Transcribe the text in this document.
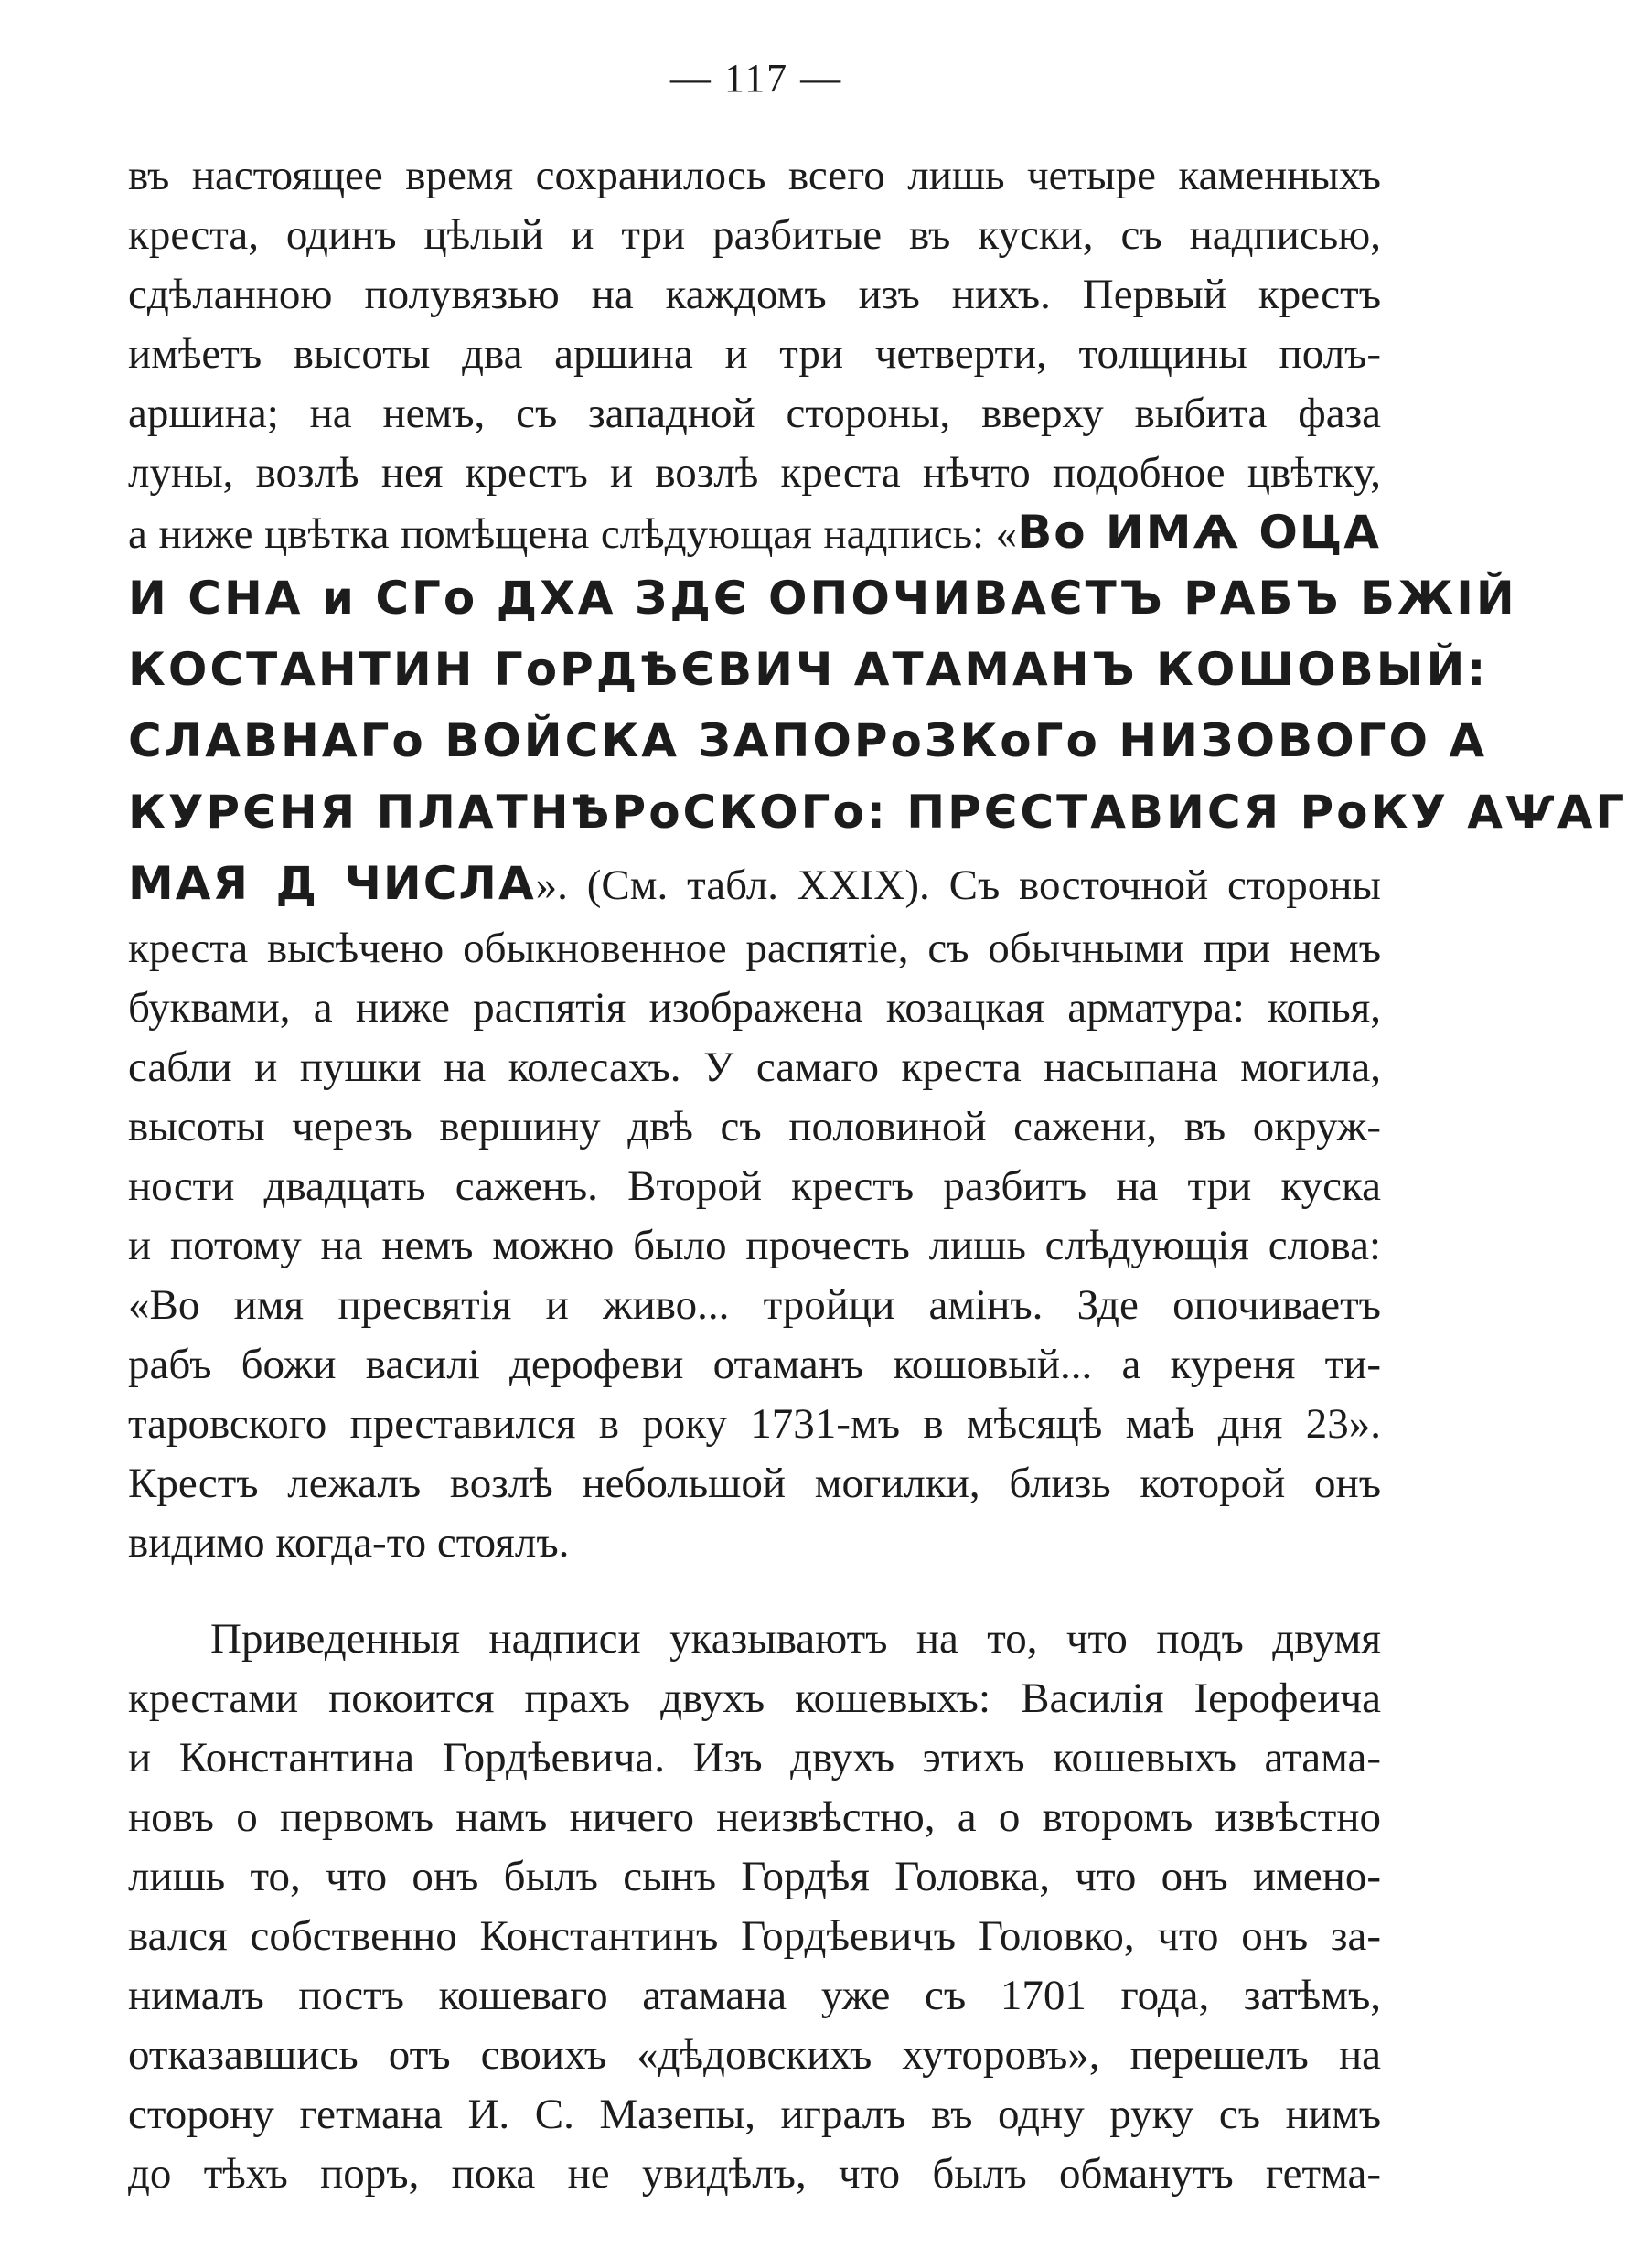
— 117 —
въ настоящее время сохранилось всего лишь четыре каменныхъ
креста, одинъ цѣлый и три разбитые въ куски, съ надписью,
сдѣланною полувязью на каждомъ изъ нихъ. Первый крестъ
имѣетъ высоты два аршина и три четверти, толщины полъ-
аршина; на немъ, съ западной стороны, вверху выбита фаза
луны, возлѣ нея крестъ и возлѣ креста нѣчто подобное цвѣтку,
а ниже цвѣтка помѣщена слѣдующая надпись: «Во ИМѦ ОЦА
И СНА и СГо ДХА ЗДЄ ОПОЧИВАЄТЪ РАБЪ БЖІЙ
КОСТАНТИН ГоРДѢЄВИЧ АТАМАНЪ КОШОВЫЙ:
СЛАВНАГо ВОЙСКА ЗАПОРоЗКоГо НИЗОВОГО А
КУРЄНЯ ПЛАТНѢРоСКОГо: ПРЄСТАВИСЯ РоКУ АѰАГ
МАЯ Д ЧИСЛА». (См. табл. XXIX). Съ восточной стороны
креста высѣчено обыкновенное распятіе, съ обычными при немъ
буквами, а ниже распятія изображена козацкая арматура: копья,
сабли и пушки на колесахъ. У самаго креста насыпана могила,
высоты черезъ вершину двѣ съ половиной сажени, въ окруж-
ности двадцать саженъ. Второй крестъ разбитъ на три куска
и потому на немъ можно было прочесть лишь слѣдующія слова:
«Во имя пресвятія и живо... тройци амінъ. Зде опочиваетъ
рабъ божи василі дерофеви отаманъ кошовый... а куреня ти-
таровского преставился в року 1731-мъ в мѣсяцѣ маѣ дня 23».
Крестъ лежалъ возлѣ небольшой могилки, близь которой онъ
видимо когда-то стоялъ.
Приведенныя надписи указываютъ на то, что подъ двумя
крестами покоится прахъ двухъ кошевыхъ: Василія Іерофеича
и Константина Гордѣевича. Изъ двухъ этихъ кошевыхъ атама-
новъ о первомъ намъ ничего неизвѣстно, а о второмъ извѣстно
лишь то, что онъ былъ сынъ Гордѣя Головка, что онъ имено-
вался собственно Константинъ Гордѣевичъ Головко, что онъ за-
нималъ постъ кошеваго атамана уже съ 1701 года, затѣмъ,
отказавшись отъ своихъ «дѣдовскихъ хуторовъ», перешелъ на
сторону гетмана И. С. Мазепы, игралъ въ одну руку съ нимъ
до тѣхъ поръ, пока не увидѣлъ, что былъ обманутъ гетма-
